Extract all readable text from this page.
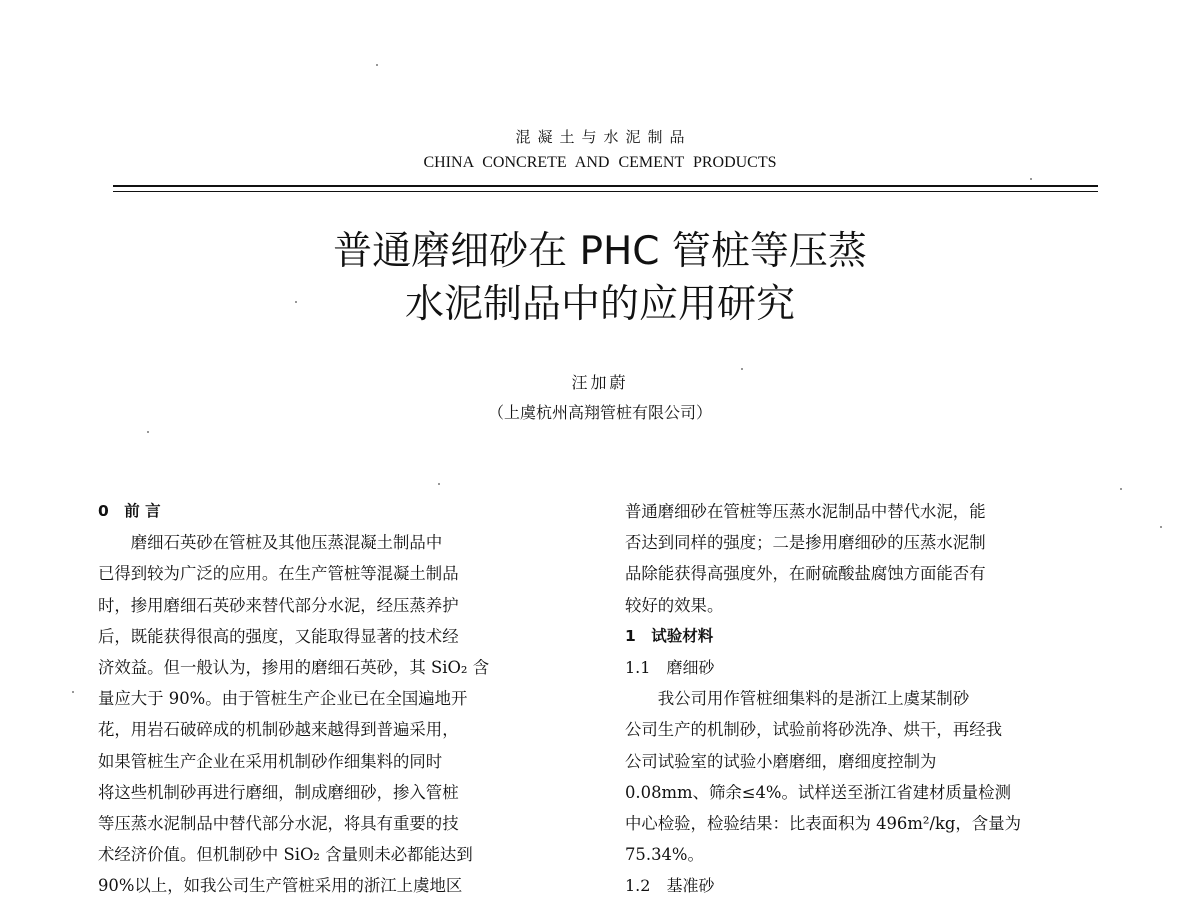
混凝土与水泥制品
CHINA CONCRETE AND CEMENT PRODUCTS
普通磨细砂在 PHC 管桩等压蒸
水泥制品中的应用研究
汪加蔚
（上虞杭州高翔管桩有限公司）

0　前 言

磨细石英砂在管桩及其他压蒸混凝土制品中

已得到较为广泛的应用。在生产管桩等混凝土制品

时，掺用磨细石英砂来替代部分水泥，经压蒸养护

后，既能获得很高的强度，又能取得显著的技术经

济效益。但一般认为，掺用的磨细石英砂，其 SiO₂ 含

量应大于 90%。由于管桩生产企业已在全国遍地开

花，用岩石破碎成的机制砂越来越得到普遍采用，

如果管桩生产企业在采用机制砂作细集料的同时

将这些机制砂再进行磨细，制成磨细砂，掺入管桩

等压蒸水泥制品中替代部分水泥，将具有重要的技

术经济价值。但机制砂中 SiO₂ 含量则未必都能达到

90%以上，如我公司生产管桩采用的浙江上虞地区

普通磨细砂在管桩等压蒸水泥制品中替代水泥，能

否达到同样的强度；二是掺用磨细砂的压蒸水泥制

品除能获得高强度外，在耐硫酸盐腐蚀方面能否有

较好的效果。

1　试验材料

1.1　磨细砂

我公司用作管桩细集料的是浙江上虞某制砂

公司生产的机制砂，试验前将砂洗净、烘干，再经我

公司试验室的试验小磨磨细，磨细度控制为

0.08mm、筛余≤4%。试样送至浙江省建材质量检测

中心检验，检验结果：比表面积为 496m²/kg，含量为

75.34%。

1.2　基准砂
